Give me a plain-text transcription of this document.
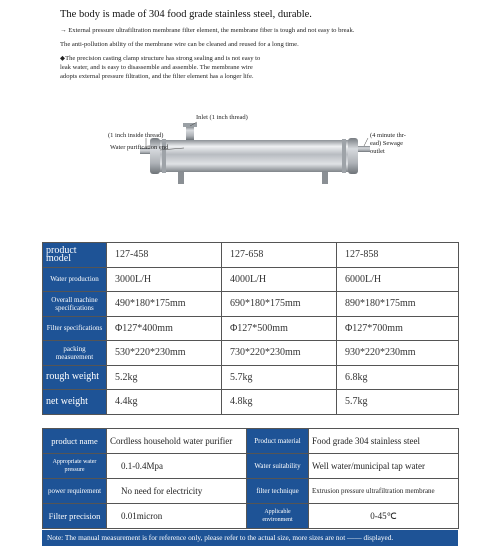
The body is made of 304 food grade stainless steel, durable.
→ External pressure ultrafiltration membrane filter element, the membrane fiber is tough and not easy to break.
The anti-pollution ability of the membrane wire can be cleaned and reused for a long time.
◆The precision casting clamp structure has strong sealing and is not easy to
leak water, and is easy to disassemble and assemble. The membrane wire
adopts external pressure filtration, and the filter element has a longer life.
Inlet (1 inch thread)
(1 inch inside thread)
Water purification end
(4 minute thr-
ead) Sewage
outlet
product model	127-458	127-658	127-858
Water production	3000L/H	4000L/H	6000L/H
Overall machine specifications	490*180*175mm	690*180*175mm	890*180*175mm
Filter specifications	Φ127*400mm	Φ127*500mm	Φ127*700mm
packing measurement	530*220*230mm	730*220*230mm	930*220*230mm
rough weight	5.2kg	5.7kg	6.8kg
net weight	4.4kg	4.8kg	5.7kg
product name	Cordless household water purifier	Product material	Food grade 304 stainless steel
Appropriate water pressure	0.1-0.4Mpa	Water suitability	Well water/municipal tap water
power requirement	No need for electricity	filter technique	Extrusion pressure ultrafiltration membrane
Filter precision	0.01micron	Applicable environment	0-45℃
Note: The manual measurement is for reference only, please refer to the actual size, more sizes are not —— displayed.
